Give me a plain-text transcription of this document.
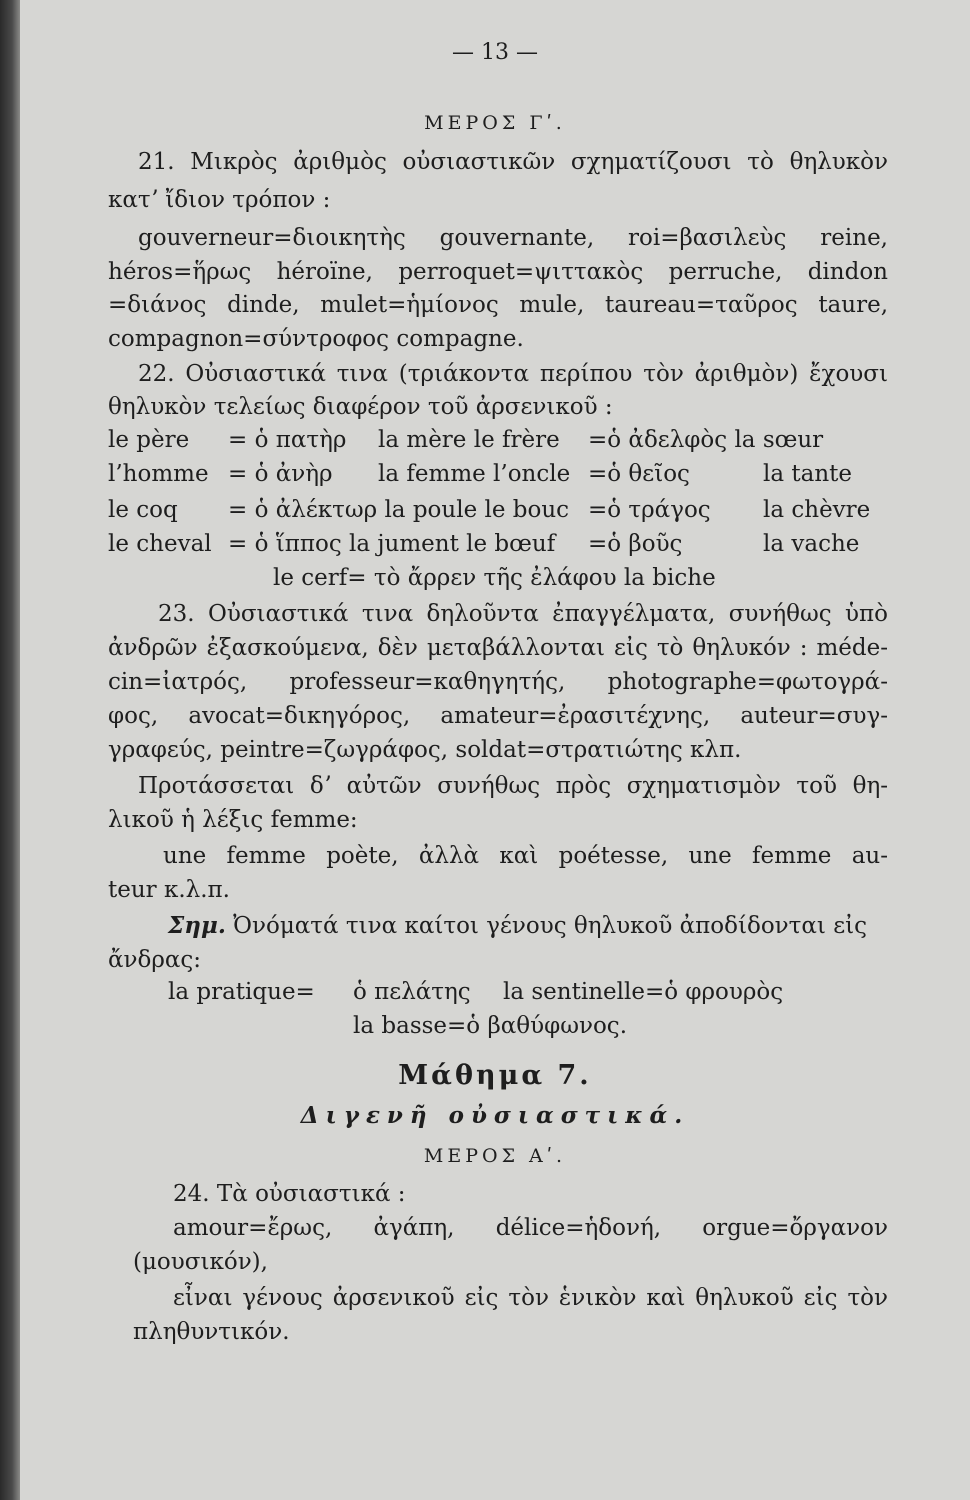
— 13 —
ΜΕΡΟΣ Γʹ.
21. Μικρὸς ἀριθμὸς οὐσιαστικῶν σχηματίζουσι τὸ θηλυκὸν
κατʼ ἴδιον τρόπον :
gouverneur=διοικητὴς gouvernante, roi=βασιλεὺς reine,
héros=ἥρως héroïne, perroquet=ψιττακὸς perruche, dindon
=διάνος dinde, mulet=ἡμίονος mule, taureau=ταῦρος taure,
compagnon=σύντροφος compagne.
22. Οὐσιαστικά τινα (τριάκοντα περίπου τὸν ἀριθμὸν) ἔχουσι
θηλυκὸν τελείως διαφέρον τοῦ ἀρσενικοῦ :
le père = ὁ πατὴρ la mère le frère =ὁ ἀδελφὸς la sœur
l’homme = ὁ ἀνὴρ la femme l’oncle =ὁ θεῖος	la tante
le coq = ὁ ἀλέκτωρ la poule le bouc =ὁ τράγος la chèvre
le cheval = ὁ ἵππος la jument le bœuf =ὁ βοῦς	la vache
le cerf= τὸ ἄρρεν τῆς ἐλάφου la biche
23. Οὐσιαστικά τινα δηλοῦντα ἐπαγγέλματα, συνήθως ὑπὸ
ἀνδρῶν ἐξασκούμενα, δὲν μεταβάλλονται εἰς τὸ θηλυκόν : méde-
cin=ἰατρός, professeur=καθηγητής, photographe=φωτογρά-
φος, avocat=δικηγόρος, amateur=ἐρασιτέχνης, auteur=συγ-
γραφεύς, peintre=ζωγράφος, soldat=στρατιώτης κλπ.
Προτάσσεται δʼ αὐτῶν συνήθως πρὸς σχηματισμὸν τοῦ θη-
λικοῦ ἡ λέξις femme:
une femme poète, ἀλλὰ καὶ poétesse, une femme au-
teur κ.λ.π.
Σημ. Ὀνόματά τινα καίτοι γένους θηλυκοῦ ἀποδίδονται εἰς
ἄνδρας:
la pratique= ὁ πελάτης la sentinelle=ὁ φρουρὸς
la basse=ὁ βαθύφωνος.
Μάθημα 7.
Διγενῆ οὐσιαστικά.
ΜΕΡΟΣ Αʹ.
24. Τὰ οὐσιαστικά :
amour=ἔρως, ἀγάπη, délice=ἡδονή, orgue=ὄργανον
(μουσικόν),
εἶναι γένους ἀρσενικοῦ εἰς τὸν ἑνικὸν καὶ θηλυκοῦ εἰς τὸν
πληθυντικόν.
